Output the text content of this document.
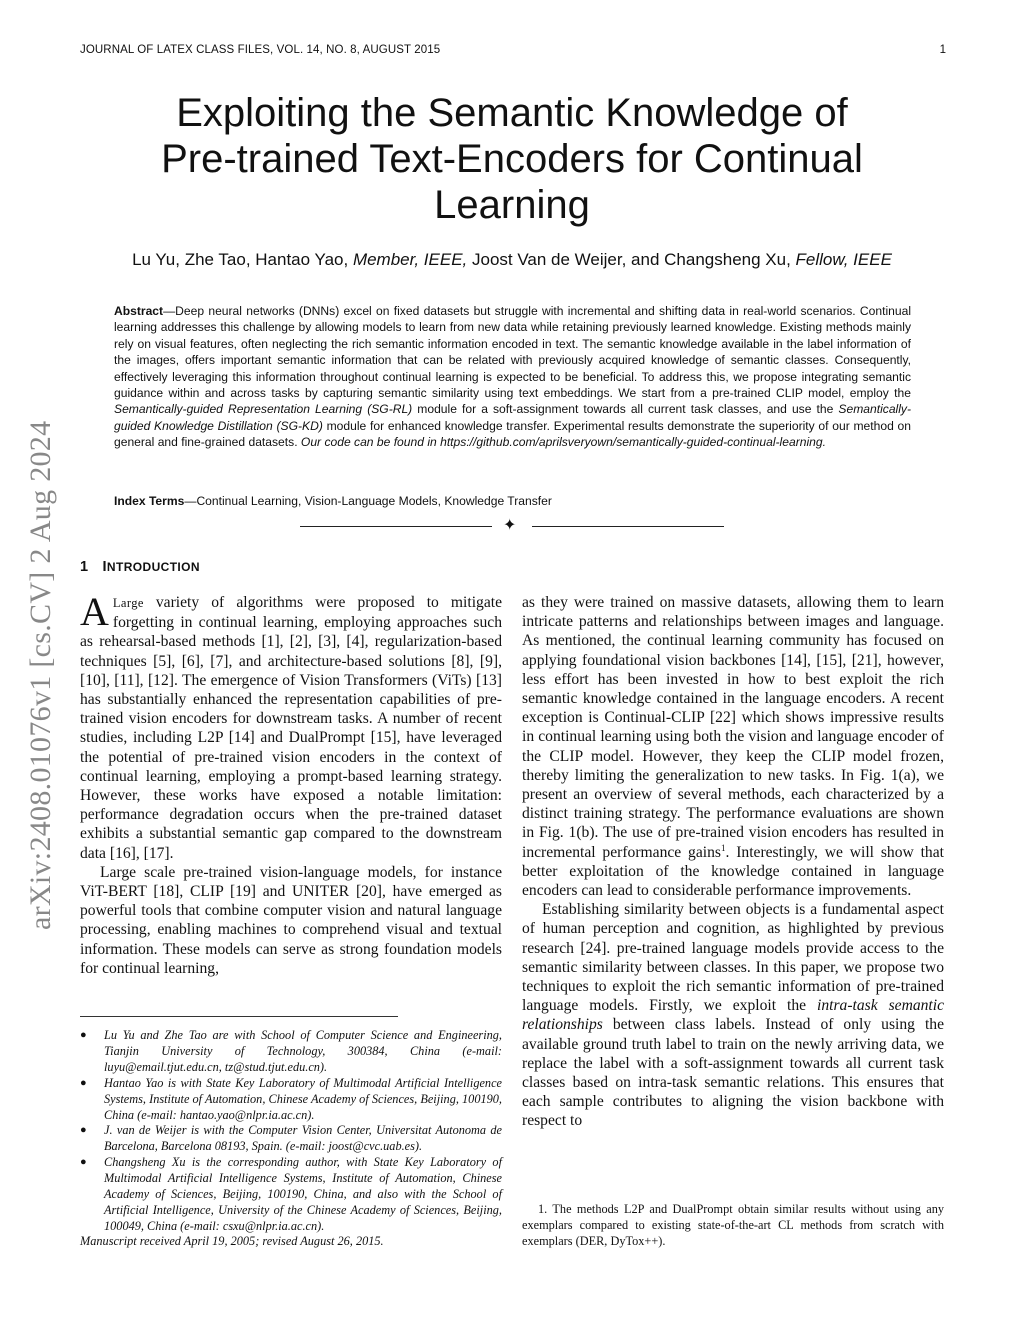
JOURNAL OF LATEX CLASS FILES, VOL. 14, NO. 8, AUGUST 2015	1
Exploiting the Semantic Knowledge of
Pre-trained Text-Encoders for Continual
Learning
Lu Yu, Zhe Tao, Hantao Yao, Member, IEEE, Joost Van de Weijer, and Changsheng Xu, Fellow, IEEE
arXiv:2408.01076v1 [cs.CV] 2 Aug 2024
Abstract—Deep neural networks (DNNs) excel on fixed datasets but struggle with incremental and shifting data in real-world scenarios. Continual learning addresses this challenge by allowing models to learn from new data while retaining previously learned knowledge. Existing methods mainly rely on visual features, often neglecting the rich semantic information encoded in text. The semantic knowledge available in the label information of the images, offers important semantic information that can be related with previously acquired knowledge of semantic classes. Consequently, effectively leveraging this information throughout continual learning is expected to be beneficial. To address this, we propose integrating semantic guidance within and across tasks by capturing semantic similarity using text embeddings. We start from a pre-trained CLIP model, employ the Semantically-guided Representation Learning (SG-RL) module for a soft-assignment towards all current task classes, and use the Semantically-guided Knowledge Distillation (SG-KD) module for enhanced knowledge transfer. Experimental results demonstrate the superiority of our method on general and fine-grained datasets. Our code can be found in https://github.com/aprilsveryown/semantically-guided-continual-learning.
Index Terms—Continual Learning, Vision-Language Models, Knowledge Transfer
✦
1 INTRODUCTION

A Large variety of algorithms were proposed to mitigate forgetting in continual learning, employing approaches such as rehearsal-based methods [1], [2], [3], [4], regularization-based techniques [5], [6], [7], and architecture-based solutions [8], [9], [10], [11], [12]. The emergence of Vision Transformers (ViTs) [13] has substantially enhanced the representation capabilities of pre-trained vision encoders for downstream tasks. A number of recent studies, including L2P [14] and DualPrompt [15], have leveraged the potential of pre-trained vision encoders in the context of continual learning, employing a prompt-based learning strategy. However, these works have exposed a notable limitation: performance degradation occurs when the pre-trained dataset exhibits a substantial semantic gap compared to the downstream data [16], [17].

Large scale pre-trained vision-language models, for instance ViT-BERT [18], CLIP [19] and UNITER [20], have emerged as powerful tools that combine computer vision and natural language processing, enabling machines to comprehend visual and textual information. These models can serve as strong foundation models for continual learning,

as they were trained on massive datasets, allowing them to learn intricate patterns and relationships between images and language. As mentioned, the continual learning community has focused on applying foundational vision backbones [14], [15], [21], however, less effort has been invested in how to best exploit the rich semantic knowledge contained in the language encoders. A recent exception is Continual-CLIP [22] which shows impressive results in continual learning using both the vision and language encoder of the CLIP model. However, they keep the CLIP model frozen, thereby limiting the generalization to new tasks. In Fig. 1(a), we present an overview of several methods, each characterized by a distinct training strategy. The performance evaluations are shown in Fig. 1(b). The use of pre-trained vision encoders has resulted in incremental performance gains$^1$. Interestingly, we will show that better exploitation of the knowledge contained in language encoders can lead to considerable performance improvements.

Establishing similarity between objects is a fundamental aspect of human perception and cognition, as highlighted by previous research [24]. pre-trained language models provide access to the semantic similarity between classes. In this paper, we propose two techniques to exploit the rich semantic information of pre-trained language models. Firstly, we exploit the intra-task semantic relationships between class labels. Instead of only using the available ground truth label to train on the newly arriving data, we replace the label with a soft-assignment towards all current task classes based on intra-task semantic relations. This ensures that each sample contributes to aligning the vision backbone with respect to

● Lu Yu and Zhe Tao are with School of Computer Science and Engineering, Tianjin University of Technology, 300384, China (e-mail: luyu@email.tjut.edu.cn, tz@stud.tjut.edu.cn).
● Hantao Yao is with State Key Laboratory of Multimodal Artificial Intelligence Systems, Institute of Automation, Chinese Academy of Sciences, Beijing, 100190, China (e-mail: hantao.yao@nlpr.ia.ac.cn).
● J. van de Weijer is with the Computer Vision Center, Universitat Autonoma de Barcelona, Barcelona 08193, Spain. (e-mail: joost@cvc.uab.es).
● Changsheng Xu is the corresponding author, with State Key Laboratory of Multimodal Artificial Intelligence Systems, Institute of Automation, Chinese Academy of Sciences, Beijing, 100190, China, and also with the School of Artificial Intelligence, University of the Chinese Academy of Sciences, Beijing, 100049, China (e-mail: csxu@nlpr.ia.ac.cn).
Manuscript received April 19, 2005; revised August 26, 2015.
1. The methods L2P and DualPrompt obtain similar results without using any exemplars compared to existing state-of-the-art CL methods from scratch with exemplars (DER, DyTox++).
